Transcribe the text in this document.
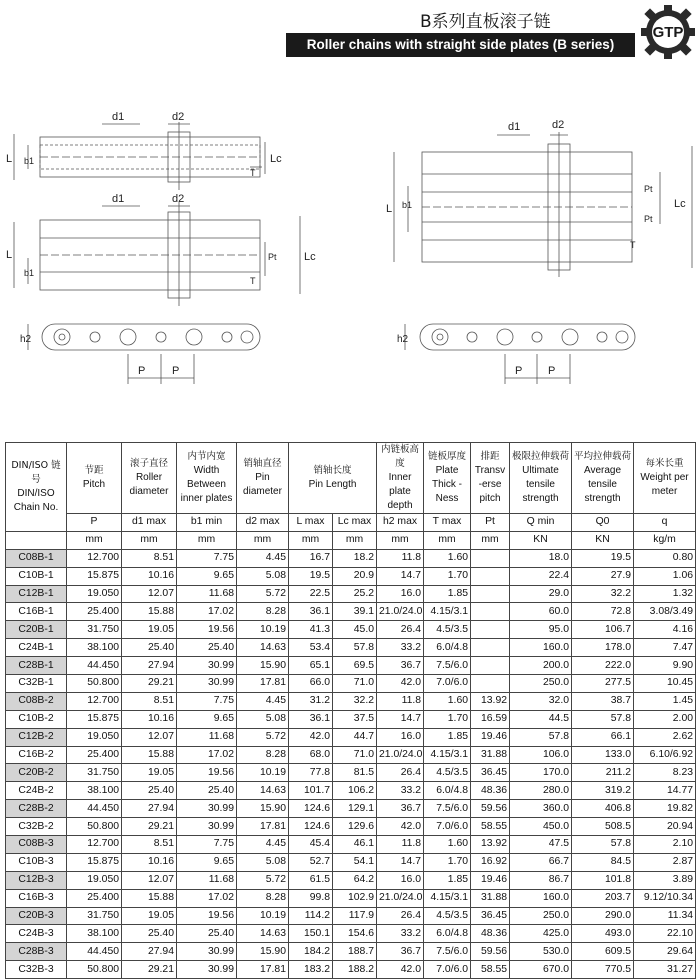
B系列直板滚子链
Roller chains with straight side plates (B series)
GTP
d1	d2
L b1	Lc
T
d1	d2
L
b1
Pt Lc
T
h2
P P
d1	d2
L b1
Pt
Pt
Lc
T
h2
P P
DIN/ISO 链号
DIN/ISO Chain No.	节距
Pitch	滚子直径
Roller diameter	内节内宽
Width Between inner plates	销轴直径
Pin diameter	销轴长度
Pin Length		内链板高度
Inner plate depth	链板厚度
Plate Thick -Ness	排距
Transv -erse pitch	极限拉伸载荷
Ultimate tensile strength	平均拉伸载荷
Average tensile strength	每米长重
Weight per meter

	P	d1 max	b1 min	d2 max	L max	Lc max	h2 max	T max	Pt	Q min	Q0	q
	mm	mm	mm	mm	mm	mm	mm	mm	mm	KN	KN	kg/m
C08B-1	12.700	8.51	7.75	4.45	16.7	18.2	11.8	1.60		18.0	19.5	0.80
C10B-1	15.875	10.16	9.65	5.08	19.5	20.9	14.7	1.70		22.4	27.9	1.06
C12B-1	19.050	12.07	11.68	5.72	22.5	25.2	16.0	1.85		29.0	32.2	1.32
C16B-1	25.400	15.88	17.02	8.28	36.1	39.1	21.0/24.0	4.15/3.1		60.0	72.8	3.08/3.49
C20B-1	31.750	19.05	19.56	10.19	41.3	45.0	26.4	4.5/3.5		95.0	106.7	4.16
C24B-1	38.100	25.40	25.40	14.63	53.4	57.8	33.2	6.0/4.8		160.0	178.0	7.47
C28B-1	44.450	27.94	30.99	15.90	65.1	69.5	36.7	7.5/6.0		200.0	222.0	9.90
C32B-1	50.800	29.21	30.99	17.81	66.0	71.0	42.0	7.0/6.0		250.0	277.5	10.45
C08B-2	12.700	8.51	7.75	4.45	31.2	32.2	11.8	1.60	13.92	32.0	38.7	1.45
C10B-2	15.875	10.16	9.65	5.08	36.1	37.5	14.7	1.70	16.59	44.5	57.8	2.00
C12B-2	19.050	12.07	11.68	5.72	42.0	44.7	16.0	1.85	19.46	57.8	66.1	2.62
C16B-2	25.400	15.88	17.02	8.28	68.0	71.0	21.0/24.0	4.15/3.1	31.88	106.0	133.0	6.10/6.92
C20B-2	31.750	19.05	19.56	10.19	77.8	81.5	26.4	4.5/3.5	36.45	170.0	211.2	8.23
C24B-2	38.100	25.40	25.40	14.63	101.7	106.2	33.2	6.0/4.8	48.36	280.0	319.2	14.77
C28B-2	44.450	27.94	30.99	15.90	124.6	129.1	36.7	7.5/6.0	59.56	360.0	406.8	19.82
C32B-2	50.800	29.21	30.99	17.81	124.6	129.6	42.0	7.0/6.0	58.55	450.0	508.5	20.94
C08B-3	12.700	8.51	7.75	4.45	45.4	46.1	11.8	1.60	13.92	47.5	57.8	2.10
C10B-3	15.875	10.16	9.65	5.08	52.7	54.1	14.7	1.70	16.92	66.7	84.5	2.87
C12B-3	19.050	12.07	11.68	5.72	61.5	64.2	16.0	1.85	19.46	86.7	101.8	3.89
C16B-3	25.400	15.88	17.02	8.28	99.8	102.9	21.0/24.0	4.15/3.1	31.88	160.0	203.7	9.12/10.34
C20B-3	31.750	19.05	19.56	10.19	114.2	117.9	26.4	4.5/3.5	36.45	250.0	290.0	11.34
C24B-3	38.100	25.40	25.40	14.63	150.1	154.6	33.2	6.0/4.8	48.36	425.0	493.0	22.10
C28B-3	44.450	27.94	30.99	15.90	184.2	188.7	36.7	7.5/6.0	59.56	530.0	609.5	29.64
C32B-3	50.800	29.21	30.99	17.81	183.2	188.2	42.0	7.0/6.0	58.55	670.0	770.5	31.27
